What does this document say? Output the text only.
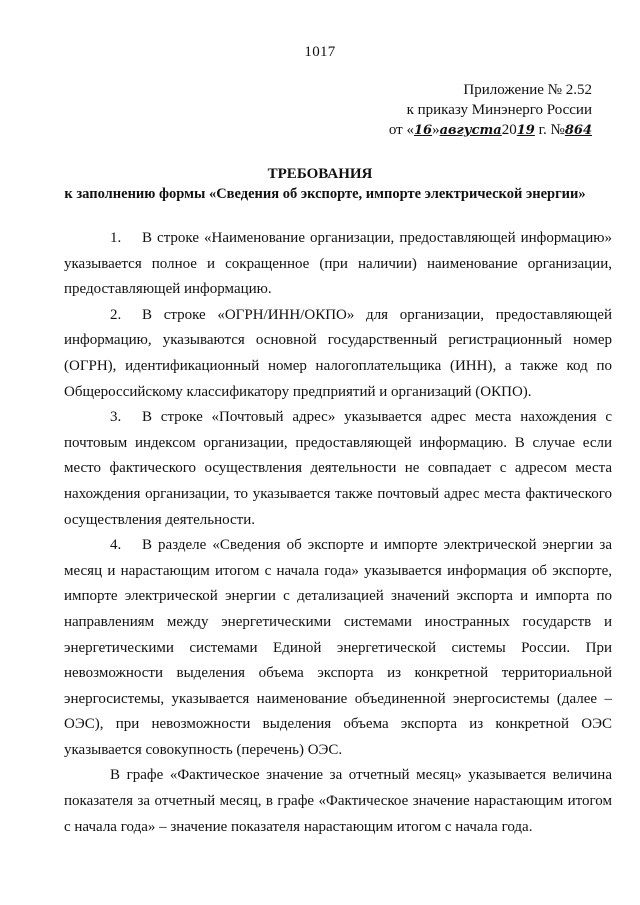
1017
Приложение № 2.52
к приказу Минэнерго России
от «16»августа2019 г. №864
ТРЕБОВАНИЯ
к заполнению формы «Сведения об экспорте, импорте электрической энергии»

1. В строке «Наименование организации, предоставляющей информацию» указывается полное и сокращенное (при наличии) наименование организации, предоставляющей информацию.

2. В строке «ОГРН/ИНН/ОКПО» для организации, предоставляющей информацию, указываются основной государственный регистрационный номер (ОГРН), идентификационный номер налогоплательщика (ИНН), а также код по Общероссийскому классификатору предприятий и организаций (ОКПО).

3. В строке «Почтовый адрес» указывается адрес места нахождения с почтовым индексом организации, предоставляющей информацию. В случае если место фактического осуществления деятельности не совпадает с адресом места нахождения организации, то указывается также почтовый адрес места фактического осуществления деятельности.

4. В разделе «Сведения об экспорте и импорте электрической энергии за месяц и нарастающим итогом с начала года» указывается информация об экспорте, импорте электрической энергии с детализацией значений экспорта и импорта по направлениям между энергетическими системами иностранных государств и энергетическими системами Единой энергетической системы России. При невозможности выделения объема экспорта из конкретной территориальной энергосистемы, указывается наименование объединенной энергосистемы (далее – ОЭС), при невозможности выделения объема экспорта из конкретной ОЭС указывается совокупность (перечень) ОЭС.

В графе «Фактическое значение за отчетный месяц» указывается величина показателя за отчетный месяц, в графе «Фактическое значение нарастающим итогом с начала года» – значение показателя нарастающим итогом с начала года.
